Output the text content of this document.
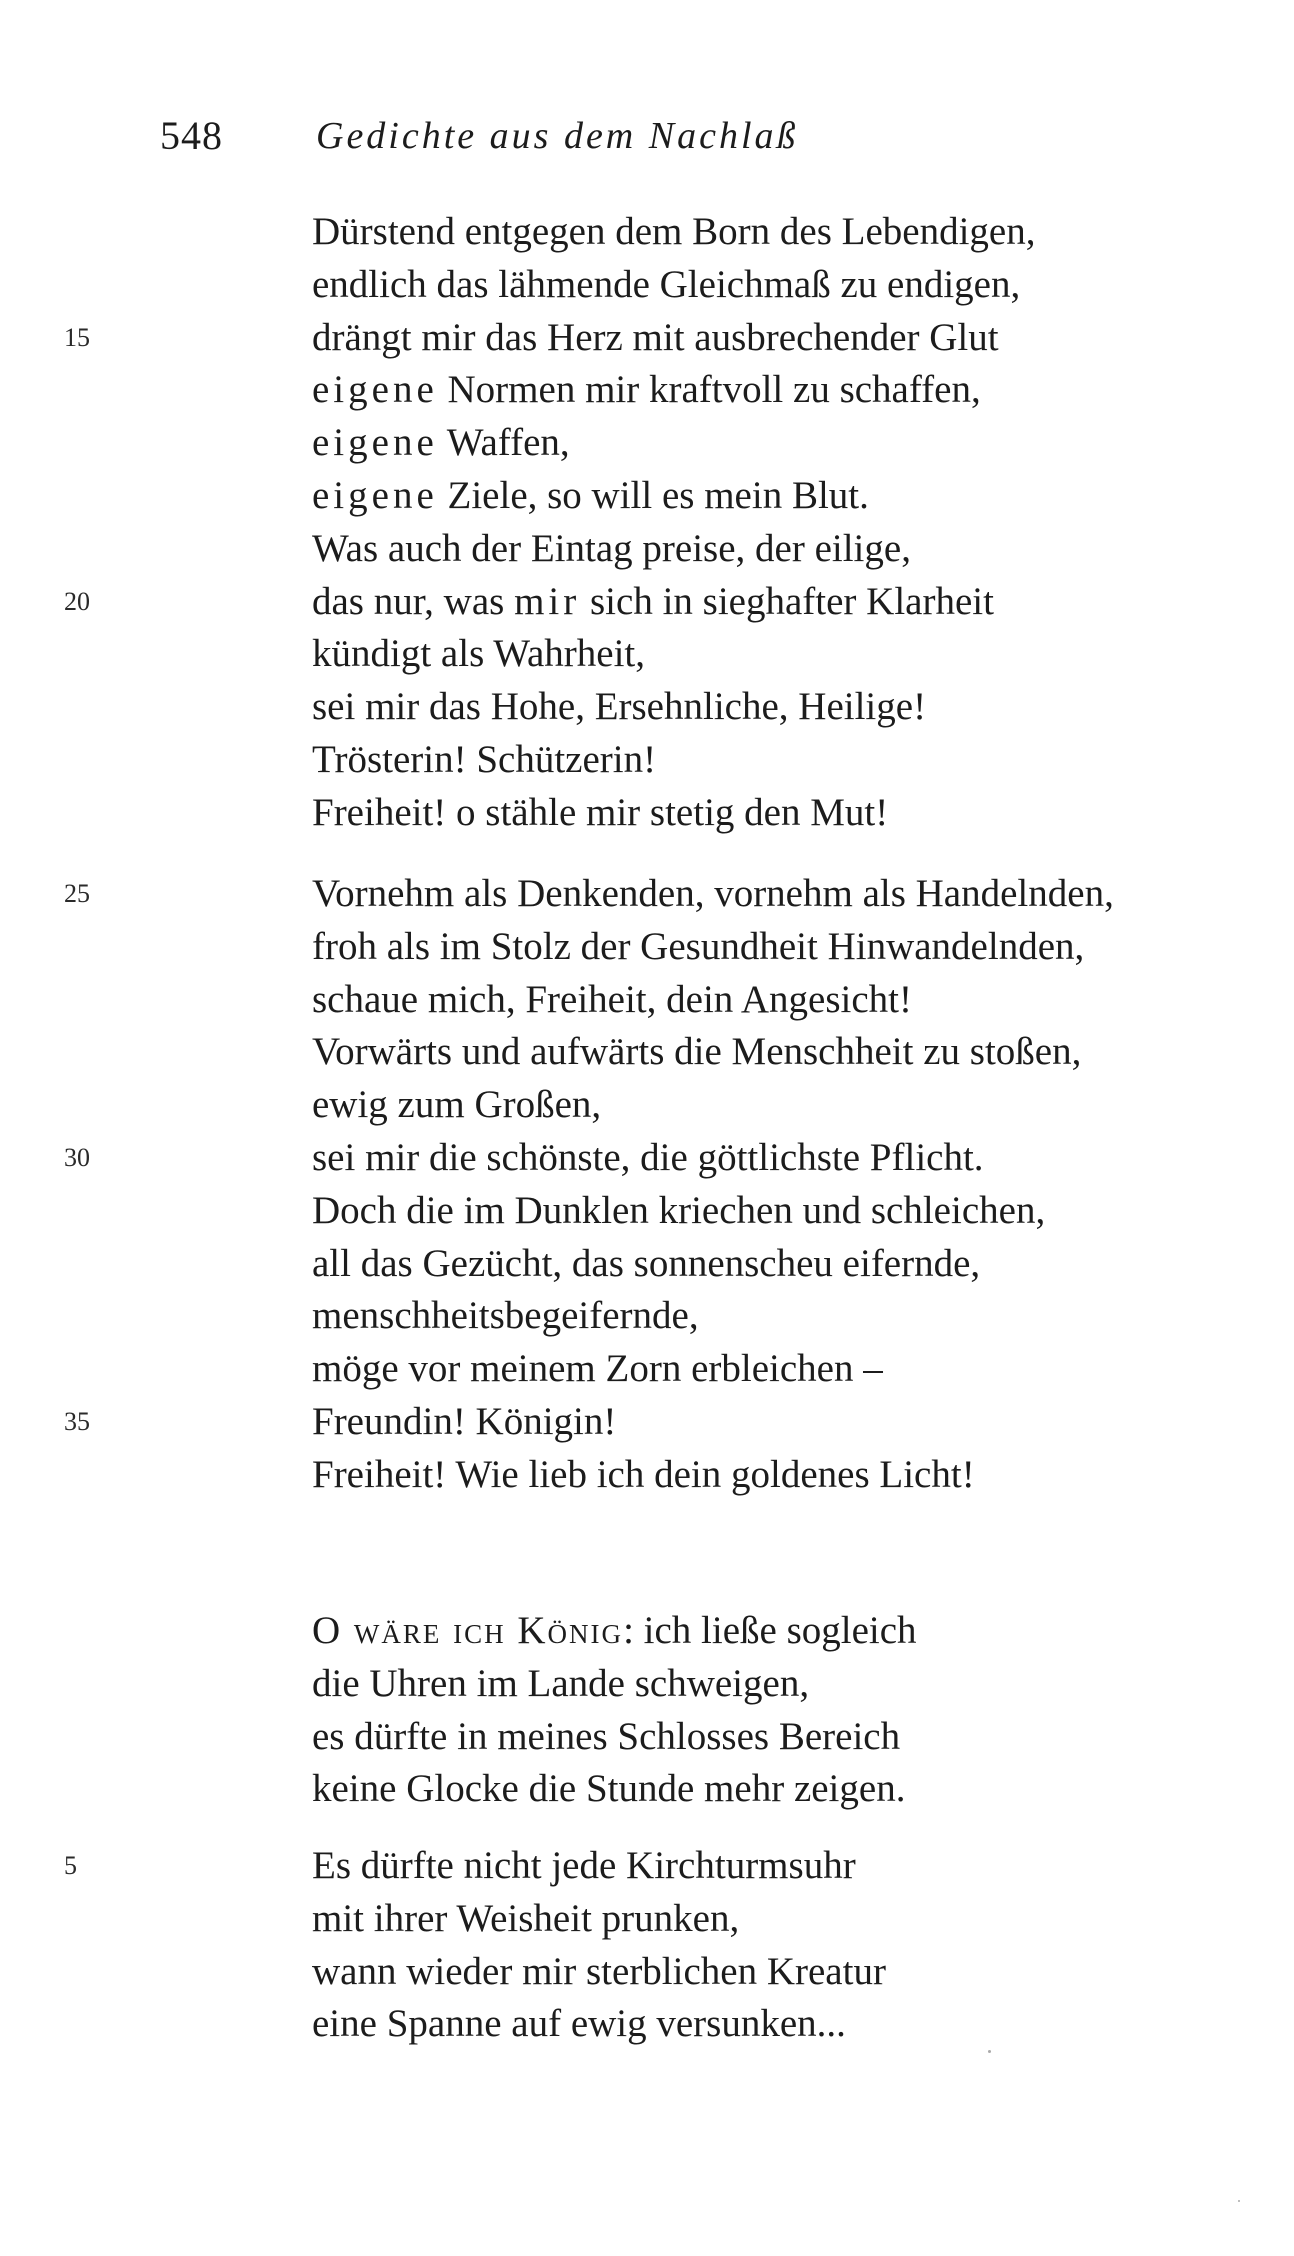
548 Gedichte aus dem Nachlaß
Dürstend entgegen dem Born des Lebendigen,
endlich das lähmende Gleichmaß zu endigen,
drängt mir das Herz mit ausbrechender Glut
15
eigene Normen mir kraftvoll zu schaffen,
eigene Waffen,
eigene Ziele, so will es mein Blut.
Was auch der Eintag preise, der eilige,
das nur, was mir sich in sieghafter Klarheit
20
kündigt als Wahrheit,
sei mir das Hohe, Ersehnliche, Heilige!
Trösterin! Schützerin!
Freiheit! o stähle mir stetig den Mut!
Vornehm als Denkenden, vornehm als Handelnden,
25
froh als im Stolz der Gesundheit Hinwandelnden,
schaue mich, Freiheit, dein Angesicht!
Vorwärts und aufwärts die Menschheit zu stoßen,
ewig zum Großen,
sei mir die schönste, die göttlichste Pflicht.
30
Doch die im Dunklen kriechen und schleichen,
all das Gezücht, das sonnenscheu eifernde,
menschheitsbegeifernde,
möge vor meinem Zorn erbleichen –
Freundin! Königin!
35
Freiheit! Wie lieb ich dein goldenes Licht!
O wäre ich König: ich ließe sogleich
die Uhren im Lande schweigen,
es dürfte in meines Schlosses Bereich
keine Glocke die Stunde mehr zeigen.
Es dürfte nicht jede Kirchturmsuhr
5
mit ihrer Weisheit prunken,
wann wieder mir sterblichen Kreatur
eine Spanne auf ewig versunken...
